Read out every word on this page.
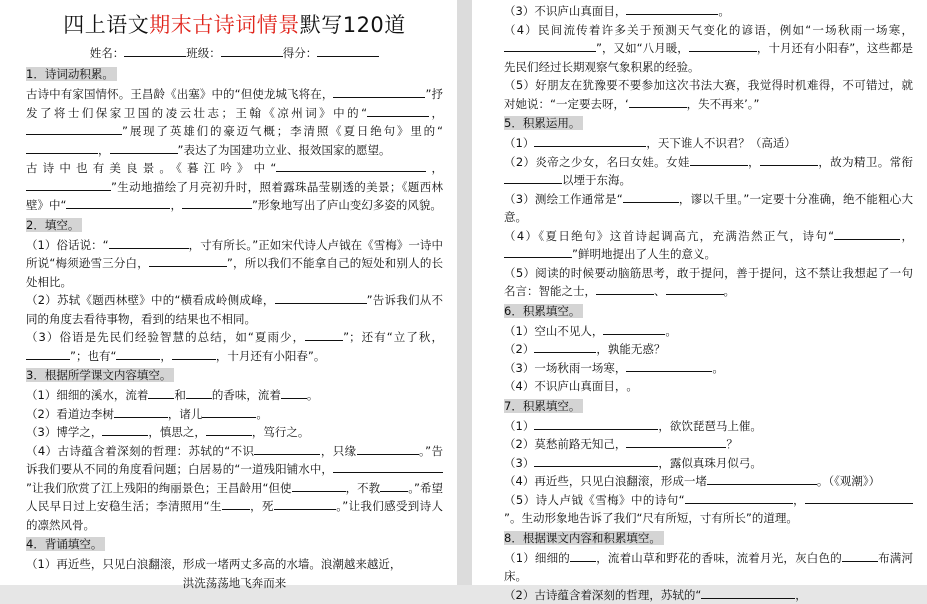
四上语文期末古诗词情景默写120道
姓名：	班级：	得分：
1．诗词动积累。

古诗中有家国情怀。王昌龄《出塞》中的“但使龙城飞将在，	”抒发了将士们保家卫国的凌云壮志；王翰《凉州词》中的“	，”展现了英雄们的豪迈气概；李清照《夏日绝句》里的“，	”表达了为国建功立业、报效国家的愿望。

古诗中也有美良景。《暮江吟》中“	，”生动地描绘了月亮初升时，照着露珠晶莹剔透的美景；《题西林壁》中“	，	”形象地写出了庐山变幻多姿的风貌。

2．填空。

（1）俗话说：“	，寸有所长。”正如宋代诗人卢钺在《雪梅》一诗中所说“梅须逊雪三分白，	”，所以我们不能拿自己的短处和别人的长处相比。

（2）苏轼《题西林壁》中的“横看成岭侧成峰，	”告诉我们从不同的角度去看待事物，看到的结果也不相同。

（3）俗语是先民们经验智慧的总结，如“夏雨少，	”；还有“立了秋，”；也有“	，	，十月还有小阳春”。

3．根据所学课文内容填空。

（1）细细的溪水，流着 和 的香味，流着 。

（2）看道边李树	，诸儿	。

（3）博学之，	，慎思之，	，笃行之。

（4）古诗蕴含着深刻的哲理：苏轼的“不识	，只缘	。”告诉我们要从不同的角度看问题；白居易的“一道残阳铺水中，”让我们欣赏了江上残阳的绚丽景色；王昌龄用“但使	，不教 。”希望人民早日过上安稳生活；李清照用“生 ，死	。”让我们感受到诗人的凛然风骨。

4．背诵填空。

（1）再近些，只见白浪翻滚，形成一堵两丈多高的水墙。浪潮越来越近，
洪洗荡荡地飞奔而来

（3）不识庐山真面目，	。

（4）民间流传着许多关于预测天气变化的谚语，例如“一场秋雨一场寒，”，又如“八月暖，	，十月还有小阳春”，这些都是先民们经过长期观察气象积累的经验。

（5）好朋友在犹豫要不要参加这次书法大赛，我觉得时机难得，不可错过，就对她说：“一定要去呀，‘	，失不再来’。”

5．积累运用。

（1）	，天下谁人不识君？（高适）

（2）炎帝之少女，名曰女娃。女娃	，	，故为精卫。常衔以堙于东海。

（3）测绘工作通常是“	，谬以千里。”一定要十分准确，绝不能粗心大意。

（4）《夏日绝句》这首诗起调高亢，充满浩然正气，诗句“	，”鲜明地提出了人生的意义。

（5）阅读的时候要动脑筋思考，敢于提问，善于提问，这不禁让我想起了一句名言：智能之士，	、	。

6．积累填空。

（1）空山不见人，	。

（2）	，孰能无惑？

（3）一场秋雨一场寒，	。

（4）不识庐山真面目，。

7．积累填空。

（1）	，欲饮琵琶马上催。

（2）莫愁前路无知己，	？

（3）	，露似真珠月似弓。

（4）再近些，只见白浪翻滚，形成一堵	。（《观潮》）

（5）诗人卢钺《雪梅》中的诗句“	，”。生动形象地告诉了我们“尺有所短，寸有所长”的道理。

8．根据课文内容和积累填空。

（1）细细的 ，流着山草和野花的香味，流着月光，灰白色的	布满河床。

（2）古诗蕴含着深刻的哲理，苏轼的“	，
